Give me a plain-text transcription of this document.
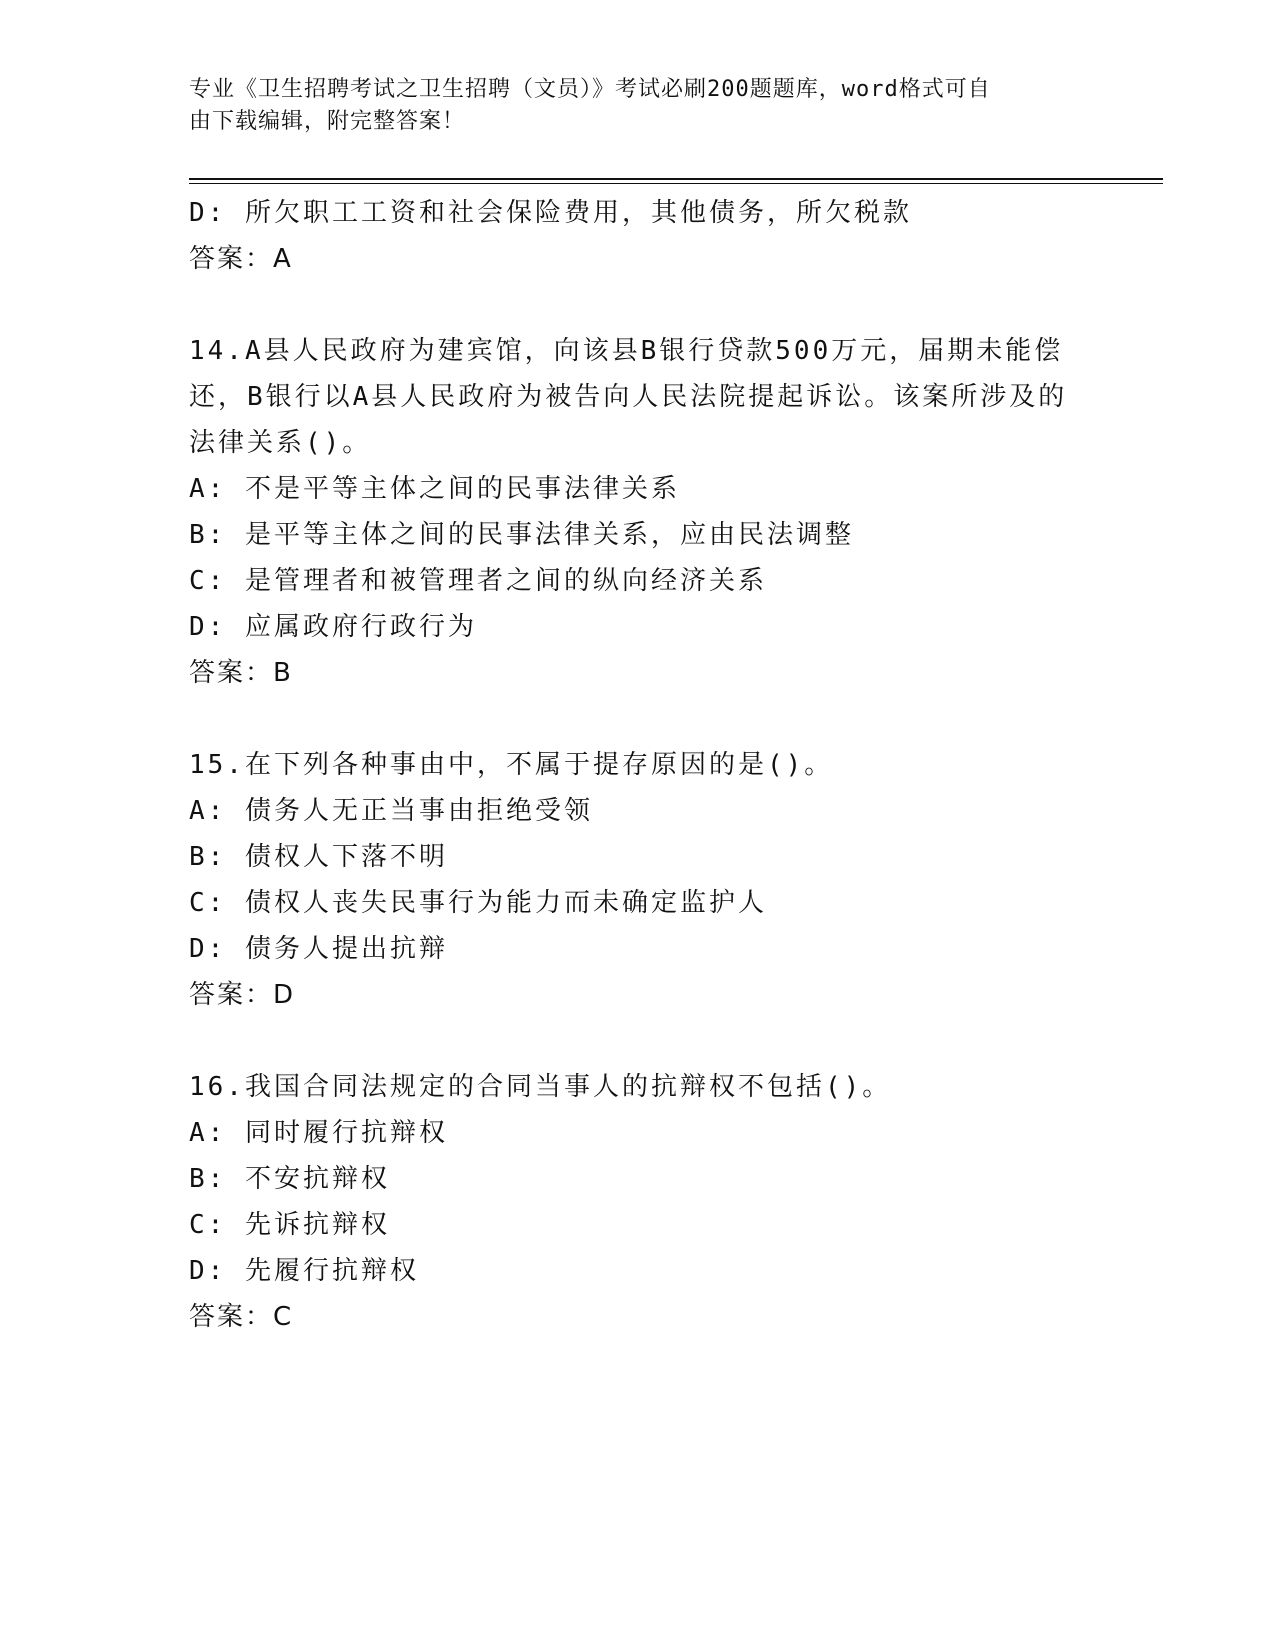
专业《卫生招聘考试之卫生招聘（文员）》考试必刷200题题库，word格式可自
由下载编辑，附完整答案！
D: 所欠职工工资和社会保险费用，其他债务，所欠税款
答案：A
14.A县人民政府为建宾馆，向该县B银行贷款500万元，届期未能偿
还，B银行以A县人民政府为被告向人民法院提起诉讼。该案所涉及的
法律关系()。
A: 不是平等主体之间的民事法律关系
B: 是平等主体之间的民事法律关系，应由民法调整
C: 是管理者和被管理者之间的纵向经济关系
D: 应属政府行政行为
答案：B
15.在下列各种事由中，不属于提存原因的是()。
A: 债务人无正当事由拒绝受领
B: 债权人下落不明
C: 债权人丧失民事行为能力而未确定监护人
D: 债务人提出抗辩
答案：D
16.我国合同法规定的合同当事人的抗辩权不包括()。
A: 同时履行抗辩权
B: 不安抗辩权
C: 先诉抗辩权
D: 先履行抗辩权
答案：C
